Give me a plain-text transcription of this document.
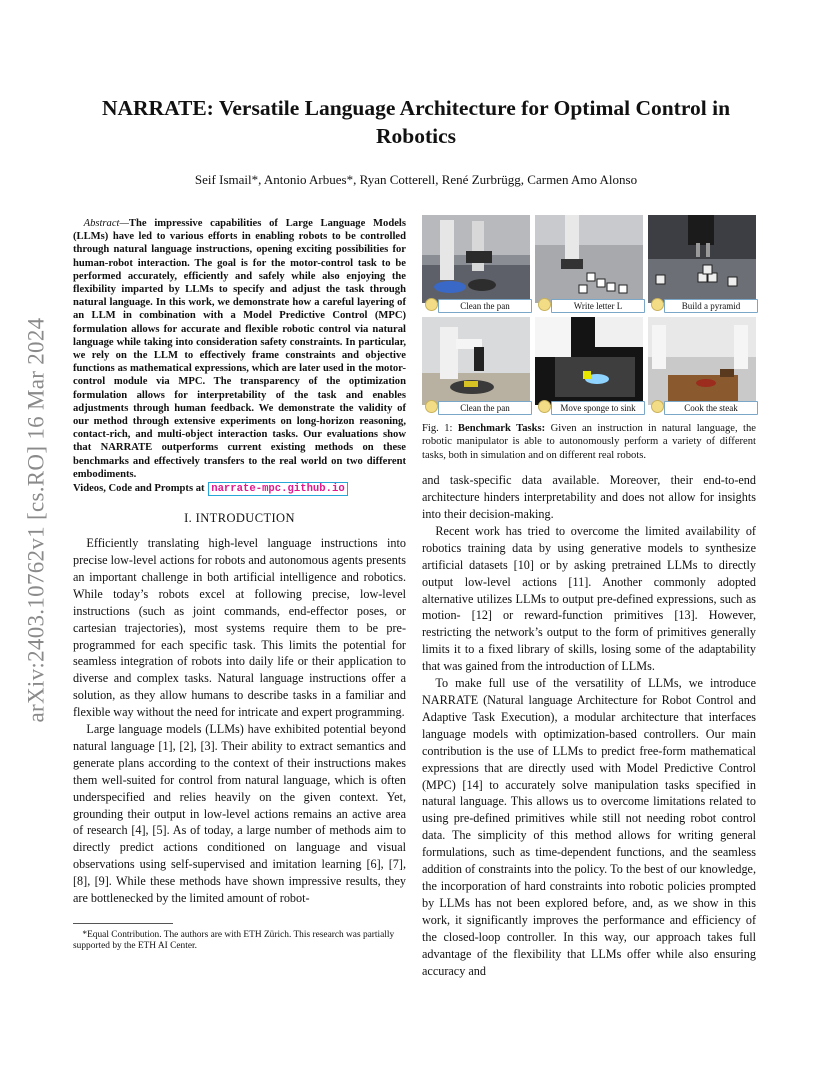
arXiv:2403.10762v1 [cs.RO] 16 Mar 2024
NARRATE: Versatile Language Architecture for Optimal Control in Robotics
Seif Ismail*, Antonio Arbues*, Ryan Cotterell, René Zurbrügg, Carmen Amo Alonso

Abstract—The impressive capabilities of Large Language Models (LLMs) have led to various efforts in enabling robots to be controlled through natural language instructions, opening exciting possibilities for human-robot interaction. The goal is for the motor-control task to be performed accurately, efficiently and safely while also enjoying the flexibility imparted by LLMs to specify and adjust the task through natural language. In this work, we demonstrate how a careful layering of an LLM in combination with a Model Predictive Control (MPC) formulation allows for accurate and flexible robotic control via natural language while taking into consideration safety constraints. In particular, we rely on the LLM to effectively frame constraints and objective functions as mathematical expressions, which are later used in the motor-control module via MPC. The transparency of the optimization formulation allows for interpretability of the task and enables adjustments through human feedback. We demonstrate the validity of our method through extensive experiments on long-horizon reasoning, contact-rich, and multi-object interaction tasks. Our evaluations show that NARRATE outperforms current existing methods on these benchmarks and effectively transfers to the real world on two different embodiments.

Videos, Code and Prompts at narrate-mpc.github.io

I. INTRODUCTION

Efficiently translating high-level language instructions into precise low-level actions for robots and autonomous agents presents an important challenge in both artificial intelligence and robotics. While today’s robots excel at following precise, low-level instructions (such as joint commands, end-effector poses, or cartesian trajectories), most systems require them to be pre-programmed for each specific task. This limits the potential for seamless integration of robots into daily life or their application to diverse and complex tasks. Natural language instructions offer a solution, as they allow humans to describe tasks in a familiar and flexible way without the need for intricate and expert programming.

Large language models (LLMs) have exhibited potential beyond natural language [1], [2], [3]. Their ability to extract semantics and generate plans according to the context of their instructions makes them well-suited for control from natural language, which is often underspecified and relies heavily on the given context. Yet, grounding their output in low-level actions remains an active area of research [4], [5]. As of today, a large number of methods aim to directly predict actions conditioned on language and visual observations using self-supervised and imitation learning [6], [7], [8], [9]. While these methods have shown impressive results, they are bottlenecked by the limited amount of robot-

*Equal Contribution. The authors are with ETH Zürich. This research was partially supported by the ETH AI Center.

Clean the pan	Write letter L	Build a pyramid
Clean the pan	Move sponge to sink	Cook the steak

Fig. 1: Benchmark Tasks: Given an instruction in natural language, the robotic manipulator is able to autonomously perform a variety of different tasks, both in simulation and on different real robots.

and task-specific data available. Moreover, their end-to-end architecture hinders interpretability and does not allow for insights into their decision-making.

Recent work has tried to overcome the limited availability of robotics training data by using generative models to synthesize artificial datasets [10] or by asking pretrained LLMs to directly output low-level actions [11]. Another commonly adopted alternative utilizes LLMs to output pre-defined expressions, such as motion- [12] or reward-function primitives [13]. However, restricting the network’s output to the form of primitives generally limits it to a fixed library of skills, losing some of the adaptability that was gained from the introduction of LLMs.

To make full use of the versatility of LLMs, we introduce NARRATE (Natural language Architecture for Robot Control and Adaptive Task Execution), a modular architecture that interfaces language models with optimization-based controllers. Our main contribution is the use of LLMs to predict free-form mathematical expressions that are directly used with Model Predictive Control (MPC) [14] to accurately solve manipulation tasks specified in natural language. This allows us to overcome limitations related to using pre-defined primitives while still not needing robot control data. The simplicity of this method allows for writing general formulations, such as time-dependent functions, and the seamless addition of constraints into the policy. To the best of our knowledge, the incorporation of hard constraints into robotic policies prompted by LLMs has not been explored before, and, as we show in this work, it significantly improves the performance and efficiency of the closed-loop controller. In this way, our approach takes full advantage of the flexibility that LLMs offer while also ensuring accuracy and
